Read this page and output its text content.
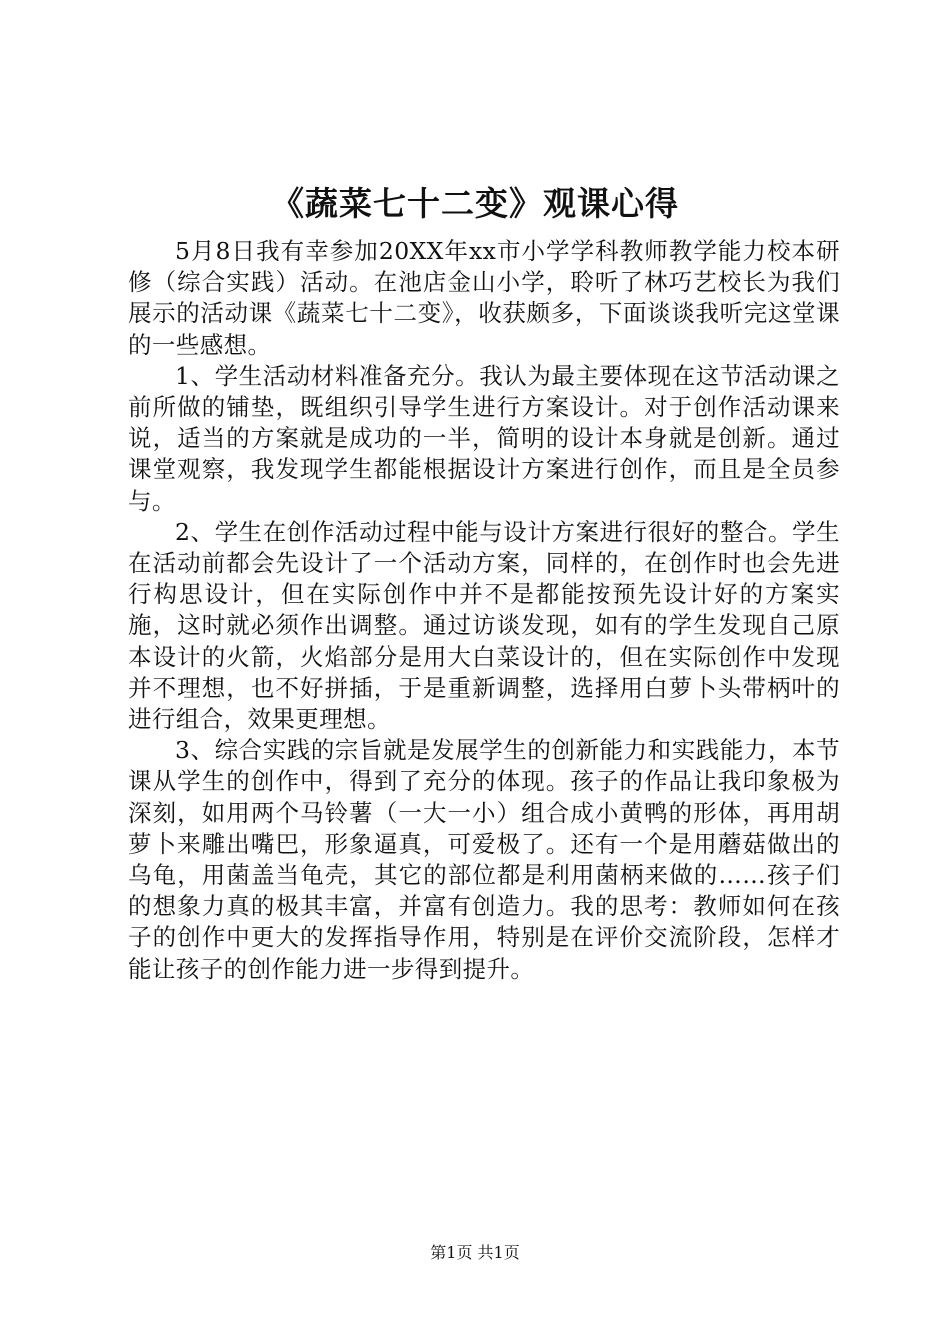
《蔬菜七十二变》观课心得

5月8日我有幸参加20XX年xx市小学学科教师教学能力校本研修（综合实践）活动。在池店金山小学，聆听了林巧艺校长为我们展示的活动课《蔬菜七十二变》，收获颇多，下面谈谈我听完这堂课的一些感想。

1、学生活动材料准备充分。我认为最主要体现在这节活动课之前所做的铺垫，既组织引导学生进行方案设计。对于创作活动课来说，适当的方案就是成功的一半，简明的设计本身就是创新。通过课堂观察，我发现学生都能根据设计方案进行创作，而且是全员参与。

2、学生在创作活动过程中能与设计方案进行很好的整合。学生在活动前都会先设计了一个活动方案，同样的，在创作时也会先进行构思设计，但在实际创作中并不是都能按预先设计好的方案实施，这时就必须作出调整。通过访谈发现，如有的学生发现自己原本设计的火箭，火焰部分是用大白菜设计的，但在实际创作中发现并不理想，也不好拼插，于是重新调整，选择用白萝卜头带柄叶的进行组合，效果更理想。

3、综合实践的宗旨就是发展学生的创新能力和实践能力，本节课从学生的创作中，得到了充分的体现。孩子的作品让我印象极为深刻，如用两个马铃薯（一大一小）组合成小黄鸭的形体，再用胡萝卜来雕出嘴巴，形象逼真，可爱极了。还有一个是用蘑菇做出的乌龟，用菌盖当龟壳，其它的部位都是利用菌柄来做的……孩子们的想象力真的极其丰富，并富有创造力。我的思考：教师如何在孩子的创作中更大的发挥指导作用，特别是在评价交流阶段，怎样才能让孩子的创作能力进一步得到提升。

第1页 共1页
